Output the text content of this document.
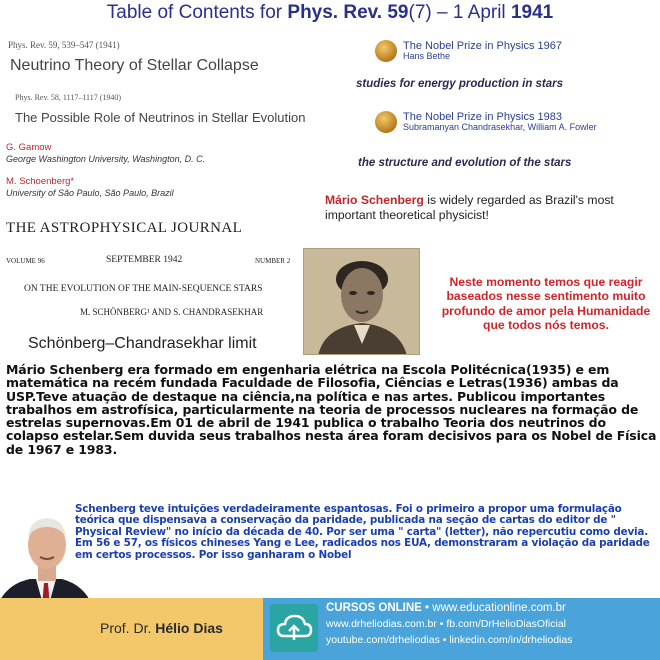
Table of Contents for Phys. Rev. 59(7) – 1 April 1941
Phys. Rev. 59, 539–547 (1941)
Neutrino Theory of Stellar Collapse
Phys. Rev. 58, 1117–1117 (1940)
The Possible Role of Neutrinos in Stellar Evolution
G. Gamow
George Washington University, Washington, D. C.
M. Schoenberg*
University of São Paulo, São Paulo, Brazil
The Nobel Prize in Physics 1967
Hans Bethe
studies for energy production in stars
The Nobel Prize in Physics 1983
Subramanyan Chandrasekhar, William A. Fowler
the structure and evolution of the stars
Mário Schenberg is widely regarded as Brazil's most important theoretical physicist!
THE ASTROPHYSICAL JOURNAL
VOLUME 96	SEPTEMBER 1942	NUMBER 2
ON THE EVOLUTION OF THE MAIN-SEQUENCE STARS
M. SCHÖNBERG¹ AND S. CHANDRASEKHAR
Schönberg–Chandrasekhar limit
Neste momento temos que reagir baseados nesse sentimento muito profundo de amor pela Humanidade que todos nós temos.
Mário Schenberg era formado em engenharia elétrica na Escola Politécnica(1935) e em matemática na recém fundada Faculdade de Filosofia, Ciências e Letras(1936) ambas da USP.Teve atuação de destaque na ciência,na política e nas artes. Publicou importantes trabalhos em astrofísica, particularmente na teoria de processos nucleares na formação de estrelas supernovas.Em 01 de abril de 1941 publica o trabalho Teoria dos neutrinos do colapso estelar.Sem duvida seus trabalhos nesta área foram decisivos para os Nobel de Física de 1967 e 1983.
Schenberg teve intuições verdadeiramente espantosas. Foi o primeiro a propor uma formulação teórica que dispensava a conservação da paridade, publicada na seção de cartas do editor de " Physical Review" no início da década de 40. Por ser uma " carta" (letter), não repercutiu como devia. Em 56 e 57, os físicos chineses Yang e Lee, radicados nos EUA, demonstraram a violação da paridade em certos processos. Por isso ganharam o Nobel
Prof. Dr. Hélio Dias
CURSOS ONLINE • www.educationline.com.br
www.drheliodias.com.br • fb.com/DrHelioDiasOficial
youtube.com/drheliodias • linkedin.com/in/drheliodias
